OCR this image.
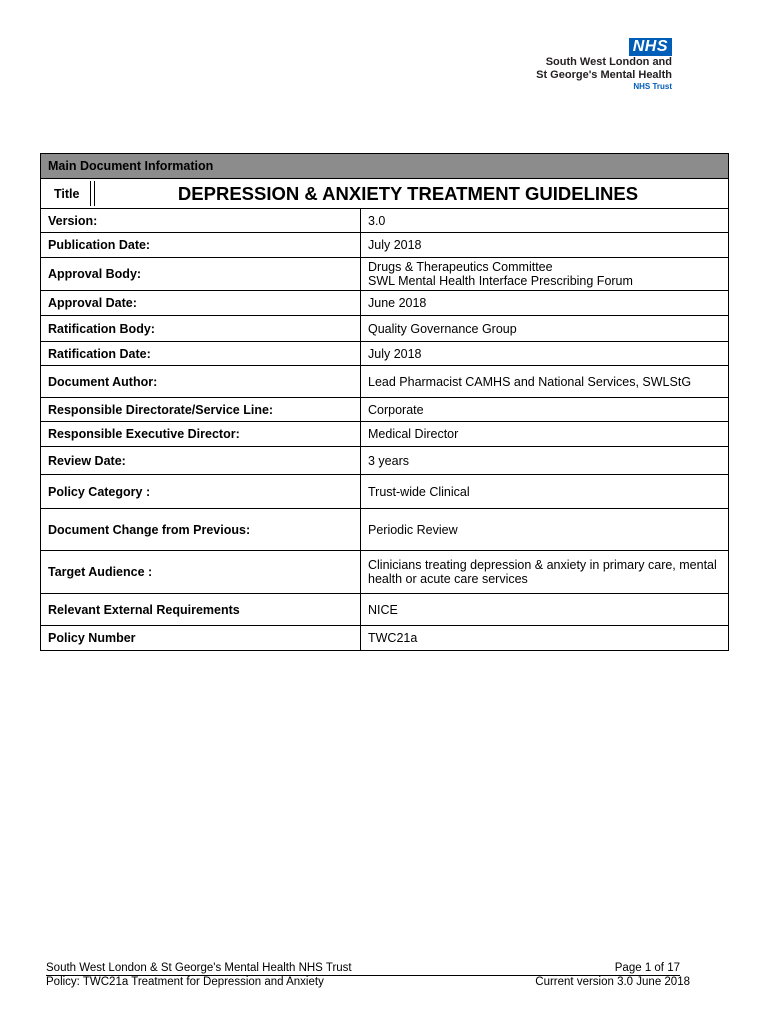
NHS
South West London and
St George's Mental Health
NHS Trust
Main Document Information	

Title DEPRESSION & ANXIETY TREATMENT GUIDELINES	

Version:	3.0
Publication Date:	July 2018
Approval Body:	Drugs & Therapeutics Committee
SWL Mental Health Interface Prescribing Forum

Approval Date:	June 2018
Ratification Body:	Quality Governance Group
Ratification Date:	July 2018
Document Author:	Lead Pharmacist CAMHS and National Services, SWLStG
Responsible Directorate/Service Line:	Corporate
Responsible Executive Director:	Medical Director
Review Date:	3 years
Policy Category :	Trust-wide Clinical
Document Change from Previous:	Periodic Review
Target Audience :	Clinicians treating depression & anxiety in primary care, mental health or acute care services
Relevant External Requirements	NICE
Policy Number	TWC21a
South West London & St George's Mental Health NHS Trust	Page 1 of 17
Policy: TWC21a Treatment for Depression and Anxiety	Current version 3.0 June 2018
